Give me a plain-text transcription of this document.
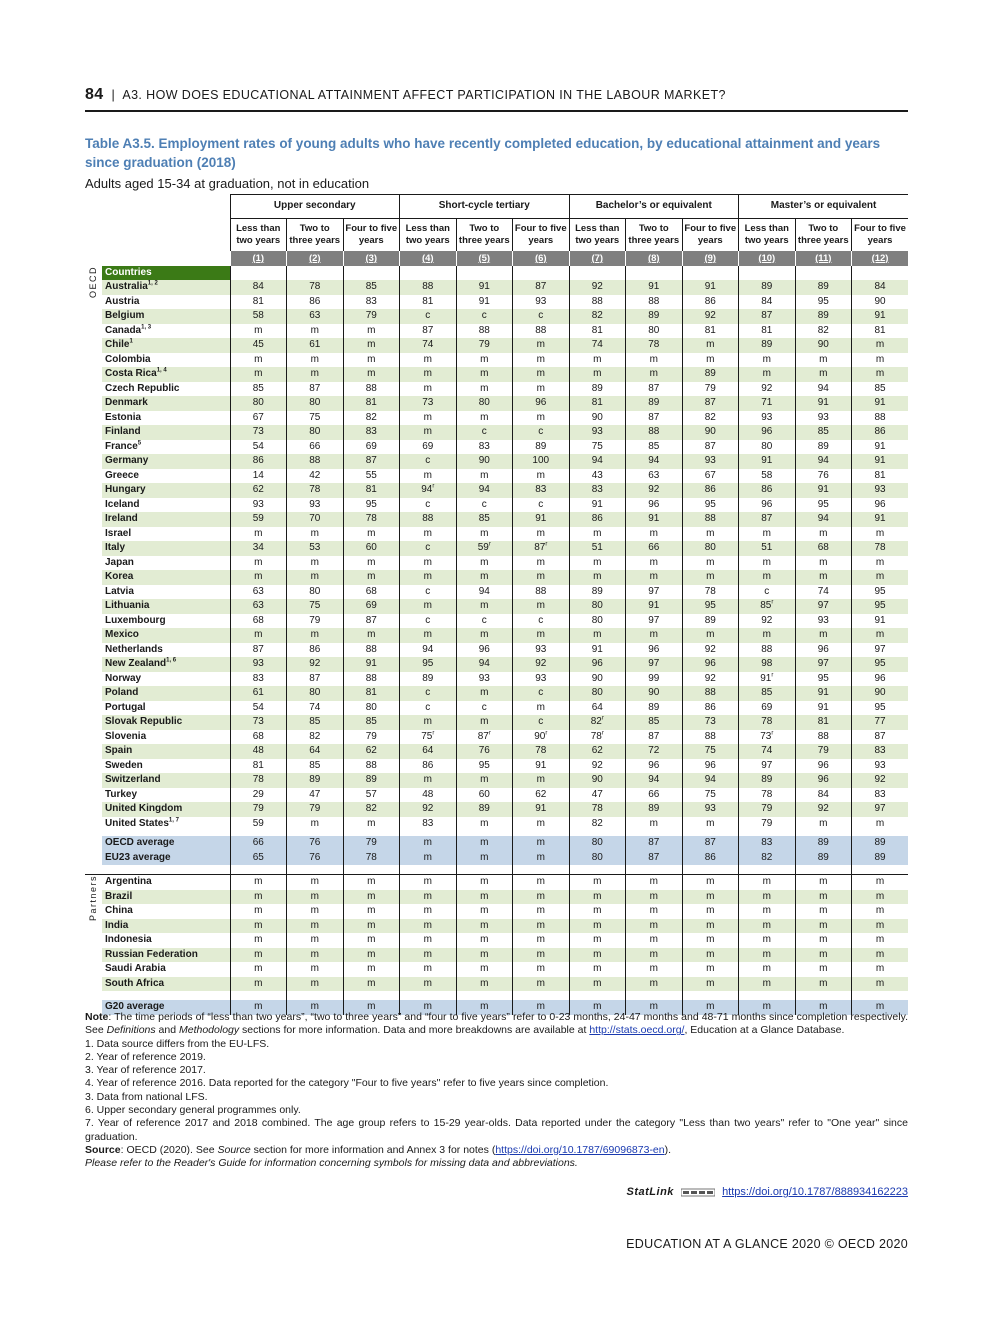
84 | A3. HOW DOES EDUCATIONAL ATTAINMENT AFFECT PARTICIPATION IN THE LABOUR MARKET?
Table A3.5. Employment rates of young adults who have recently completed education, by educational attainment and years since graduation (2018)
Adults aged 15-34 at graduation, not in education
		Upper secondary			Short-cycle tertiary			Bachelor’s or equivalent			Master’s or equivalent		
		Less than two years	Two to three years	Four to five years	Less than two years	Two to three years	Four to five years	Less than two years	Two to three years	Four to five years	Less than two years	Two to three years	Four to five years
		(1)	(2)	(3)	(4)	(5)	(6)	(7)	(8)	(9)	(10)	(11)	(12)

OECD	Countries												
	Australia$^{1, 2}$	84	78	85	88	91	87	92	91	91	89	89	84
	Austria	81	86	83	81	91	93	88	88	86	84	95	90
	Belgium	58	63	79	c	c	c	82	89	92	87	89	91
	Canada$^{1, 3}$	m	m	m	87	88	88	81	80	81	81	82	81
	Chile$^1$	45	61	m	74	79	m	74	78	m	89	90	m
	Colombia	m	m	m	m	m	m	m	m	m	m	m	m
	Costa Rica$^{1, 4}$	m	m	m	m	m	m	m	m	89	m	m	m
	Czech Republic	85	87	88	m	m	m	89	87	79	92	94	85
	Denmark	80	80	81	73	80	96	81	89	87	71	91	91
	Estonia	67	75	82	m	m	m	90	87	82	93	93	88
	Finland	73	80	83	m	c	c	93	88	90	96	85	86
	France$^5$	54	66	69	69	83	89	75	85	87	80	89	91
	Germany	86	88	87	c	90	100	94	94	93	91	94	91
	Greece	14	42	55	m	m	m	43	63	67	58	76	81
	Hungary	62	78	81	94$^r$	94	83	83	92	86	86	91	93
	Iceland	93	93	95	c	c	c	91	96	95	96	95	96
	Ireland	59	70	78	88	85	91	86	91	88	87	94	91
	Israel	m	m	m	m	m	m	m	m	m	m	m	m
	Italy	34	53	60	c	59$^r$	87$^r$	51	66	80	51	68	78
	Japan	m	m	m	m	m	m	m	m	m	m	m	m
	Korea	m	m	m	m	m	m	m	m	m	m	m	m
	Latvia	63	80	68	c	94	88	89	97	78	c	74	95
	Lithuania	63	75	69	m	m	m	80	91	95	85$^r$	97	95
	Luxembourg	68	79	87	c	c	c	80	97	89	92	93	91
	Mexico	m	m	m	m	m	m	m	m	m	m	m	m
	Netherlands	87	86	88	94	96	93	91	96	92	88	96	97
	New Zealand$^{1, 6}$	93	92	91	95	94	92	96	97	96	98	97	95
	Norway	83	87	88	89	93	93	90	99	92	91$^r$	95	96
	Poland	61	80	81	c	m	c	80	90	88	85	91	90
	Portugal	54	74	80	c	c	m	64	89	86	69	91	95
	Slovak Republic	73	85	85	m	m	c	82$^r$	85	73	78	81	77
	Slovenia	68	82	79	75$^r$	87$^r$	90$^r$	78$^r$	87	88	73$^r$	88	87
	Spain	48	64	62	64	76	78	62	72	75	74	79	83
	Sweden	81	85	88	86	95	91	92	96	96	97	96	93
	Switzerland	78	89	89	m	m	m	90	94	94	89	96	92
	Turkey	29	47	57	48	60	62	47	66	75	78	84	83
	United Kingdom	79	79	82	92	89	91	78	89	93	79	92	97
	United States$^{1, 7}$	59	m	m	83	m	m	82	m	m	79	m	m

	OECD average	66	76	79	m	m	m	80	87	87	83	89	89
	EU23 average	65	76	78	m	m	m	80	87	86	82	89	89

Partners	Argentina	m	m	m	m	m	m	m	m	m	m	m	m
	Brazil	m	m	m	m	m	m	m	m	m	m	m	m
	China	m	m	m	m	m	m	m	m	m	m	m	m
	India	m	m	m	m	m	m	m	m	m	m	m	m
	Indonesia	m	m	m	m	m	m	m	m	m	m	m	m
	Russian Federation	m	m	m	m	m	m	m	m	m	m	m	m
	Saudi Arabia	m	m	m	m	m	m	m	m	m	m	m	m
	South Africa	m	m	m	m	m	m	m	m	m	m	m	m

	G20 average	m	m	m	m	m	m	m	m	m	m	m	m

Note: The time periods of “less than two years”, “two to three years” and “four to five years” refer to 0-23 months, 24-47 months and 48-71 months since completion respectively. See Definitions and Methodology sections for more information. Data and more breakdowns are available at http://stats.oecd.org/, Education at a Glance Database.

1. Data source differs from the EU-LFS.

2. Year of reference 2019.

3. Year of reference 2017.

4. Year of reference 2016. Data reported for the category "Four to five years" refer to five years since completion.

3. Data from national LFS.

6. Upper secondary general programmes only.

7. Year of reference 2017 and 2018 combined. The age group refers to 15-29 year-olds. Data reported under the category "Less than two years" refer to "One year" since graduation.

Source: OECD (2020). See Source section for more information and Annex 3 for notes (https://doi.org/10.1787/69096873-en).

Please refer to the Reader's Guide for information concerning symbols for missing data and abbreviations.

StatLink	https://doi.org/10.1787/888934162223
EDUCATION AT A GLANCE 2020 © OECD 2020
